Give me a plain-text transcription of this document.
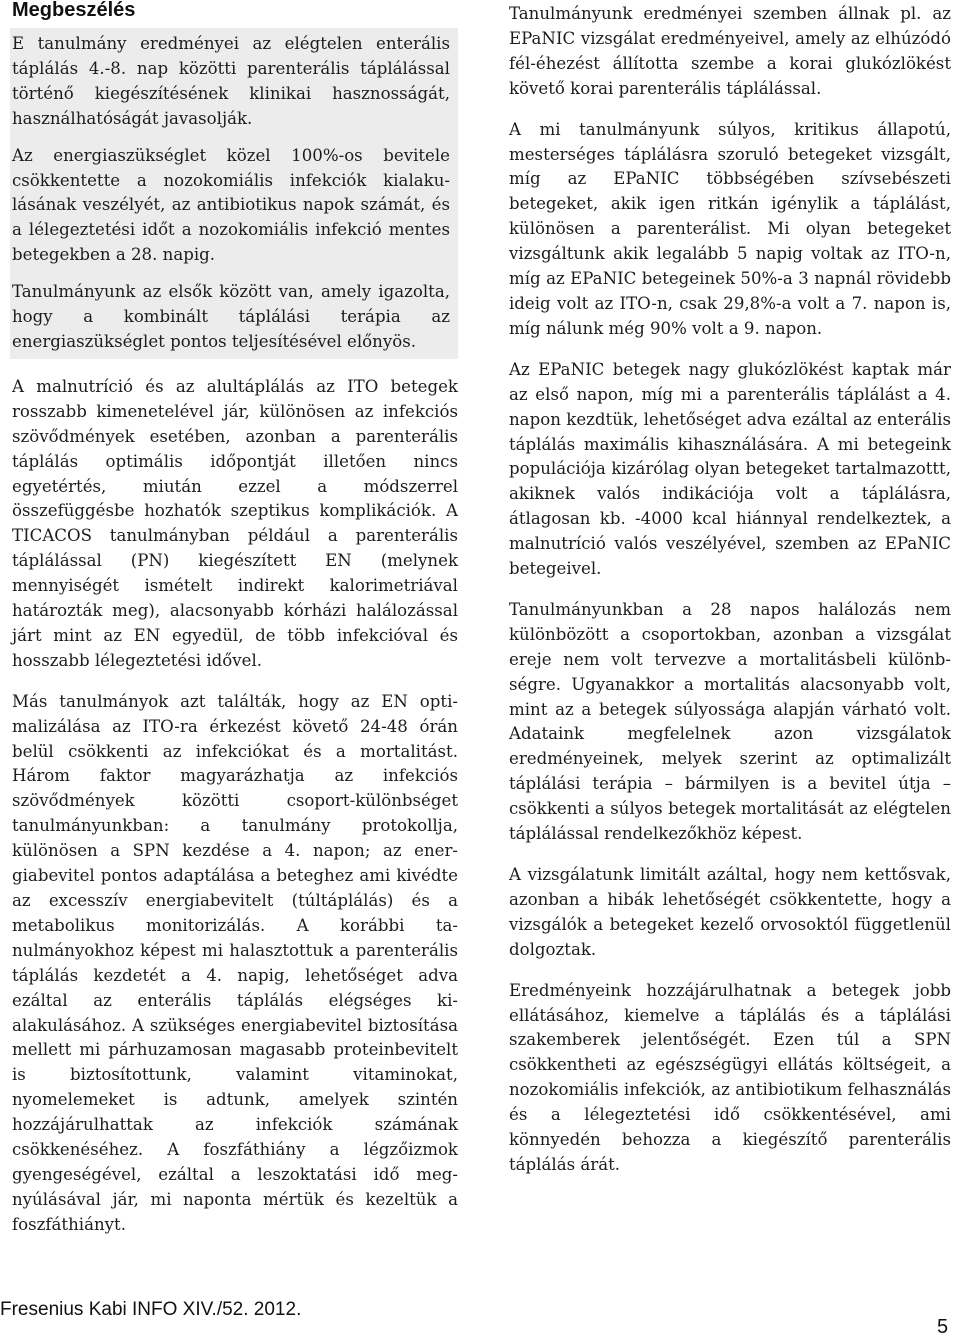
Megbeszélés

E tanulmány eredményei az elégtelen enterális táplálás 4.-8. nap közötti parenterális táplálással történő kiegészítésének klinikai hasznosságát, használhatóságát javasolják.

Az energiaszükséglet közel 100%-os bevitele csökkentette a nozokomiális infekciók kialakulásának veszélyét, az antibiotikus napok számát, és a lélegeztetési időt a nozokomiális infekció mentes betegekben a 28. napig.

Tanulmányunk az elsők között van, amely igazolta, hogy a kombinált táplálási terápia az energiaszükséglet pontos teljesítésével előnyös.

A malnutríció és az alultáplálás az ITO betegek rosszabb kimenetelével jár, különösen az infekciós szövődmények esetében, azonban a parenterális táplálás optimális időpontját illetően nincs egyetértés, miután ezzel a módszerrel összefüggésbe hozhatók szeptikus komplikációk. A TICACOS tanulmányban például a parenterális táplálással (PN) kiegészített EN (melynek mennyiségét ismételt indirekt kalorimetriával határozták meg), alacsonyabb kórházi halálozással járt mint az EN egyedül, de több infekcióval és hosszabb lélegeztetési idővel.

Más tanulmányok azt találták, hogy az EN optimalizálása az ITO-ra érkezést követő 24-48 órán belül csökkenti az infekciókat és a mortalitást. Három faktor magyarázhatja az infekciós szövődmények közötti csoport-különbséget tanulmányunkban: a tanulmány protokollja, különösen a SPN kezdése a 4. napon; az energiabevitel pontos adaptálása a beteghez ami kivédte az excesszív energiabevitelt (túltáplálás) és a metabolikus monitorizálás. A korábbi tanulmányokhoz képest mi halasztottuk a parenterális táplálás kezdetét a 4. napig, lehetőséget adva ezáltal az enterális táplálás elégséges kialakulásához. A szükséges energiabevitel biztosítása mellett mi párhuzamosan magasabb proteinbevitelt is biztosítottunk, valamint vitaminokat, nyomelemeket is adtunk, amelyek szintén hozzájárulhattak az infekciók számának csökkenéséhez. A foszfáthiány a légzőizmok gyengeségével, ezáltal a leszoktatási idő megnyúlásával jár, mi naponta mértük és kezeltük a foszfáthiányt.

Tanulmányunk eredményei szemben állnak pl. az EPaNIC vizsgálat eredményeivel, amely az elhúzódó fél-éhezést állította szembe a korai glukózlökést követő korai parenterális táplálással.

A mi tanulmányunk súlyos, kritikus állapotú, mesterséges táplálásra szoruló betegeket vizsgált, míg az EPaNIC többségében szívsebészeti betegeket, akik igen ritkán igénylik a táplálást, különösen a parenterálist. Mi olyan betegeket vizsgáltunk akik legalább 5 napig voltak az ITO-n, míg az EPaNIC betegeinek 50%-a 3 napnál rövidebb ideig volt az ITO-n, csak 29,8%-a volt a 7. napon is, míg nálunk még 90% volt a 9. napon.

Az EPaNIC betegek nagy glukózlökést kaptak már az első napon, míg mi a parenterális táplálást a 4. napon kezdtük, lehetőséget adva ezáltal az enterális táplálás maximális kihasználására. A mi betegeink populációja kizárólag olyan betegeket tartalmazottt, akiknek valós indikációja volt a táplálásra, átlagosan kb. -4000 kcal hiánnyal rendelkeztek, a malnutríció valós veszélyével, szemben az EPaNIC betegeivel.

Tanulmányunkban a 28 napos halálozás nem különbözött a csoportokban, azonban a vizsgálat ereje nem volt tervezve a mortalitásbeli különbségre. Ugyanakkor a mortalitás alacsonyabb volt, mint az a betegek súlyossága alapján várható volt. Adataink megfelelnek azon vizsgálatok eredményeinek, melyek szerint az optimalizált táplálási terápia – bármilyen is a bevitel útja – csökkenti a súlyos betegek mortalitását az elégtelen táplálással rendelkezőkhöz képest.

A vizsgálatunk limitált azáltal, hogy nem kettősvak, azonban a hibák lehetőségét csökkentette, hogy a vizsgálók a betegeket kezelő orvosoktól függetlenül dolgoztak.

Eredményeink hozzájárulhatnak a betegek jobb ellátásához, kiemelve a táplálás és a táplálási szakemberek jelentőségét. Ezen túl a SPN csökkentheti az egészségügyi ellátás költségeit, a nozokomiális infekciók, az antibiotikum felhasználás és a lélegeztetési idő csökkentésével, ami könnyedén behozza a kiegészítő parenterális táplálás árát.

Fresenius Kabi INFO XIV./52. 2012.
5
